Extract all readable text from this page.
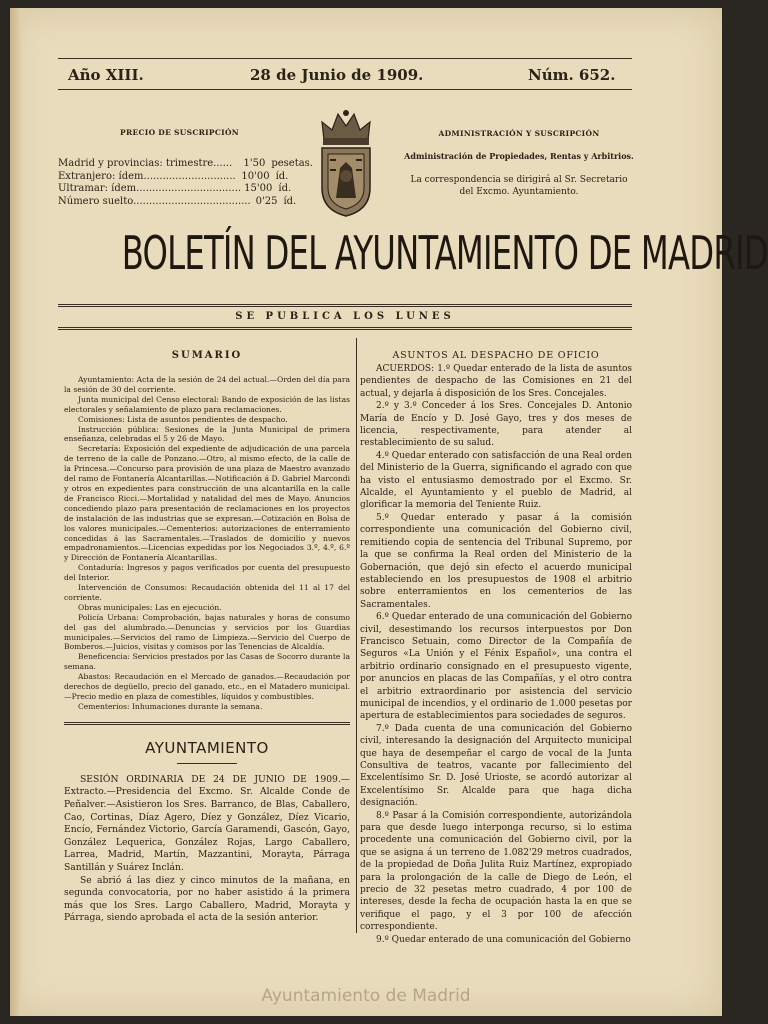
Año XIII.	28 de Junio de 1909.	Núm. 652.
PRECIO DE SUSCRIPCIÓN
Madrid y provincias: trimestre......	1'50 pesetas.
Extranjero: ídem............................. 10'00 íd.
Ultramar: ídem................................. 15'00 íd.
Número suelto..................................... 0'25 íd.
ADMINISTRACIÓN Y SUSCRIPCIÓN
Administración de Propiedades, Rentas y Arbitrios.
La correspondencia se dirigirá al Sr. Secretario
del Excmo. Ayuntamiento.
BOLETÍN DEL AYUNTAMIENTO DE MADRID
SE PUBLICA LOS LUNES
SUMARIO

Ayuntamiento: Acta de la sesión de 24 del actual.—Orden del día para la sesión de 30 del corriente.

Junta municipal del Censo electoral: Bando de exposición de las listas electorales y señalamiento de plazo para reclamaciones.

Comisiones: Lista de asuntos pendientes de despacho.

Instrucción pública: Sesiones de la Junta Municipal de primera enseñanza, celebradas el 5 y 26 de Mayo.

Secretaría: Exposición del expediente de adjudicación de una parcela de terreno de la calle de Ponzano.—Otro, al mismo efecto, de la calle de la Princesa.—Concurso para provisión de una plaza de Maestro avanzado del ramo de Fontanería Alcantarillas.—Notificación á D. Gabriel Marcondi y otros en expedientes para construcción de una alcantarilla en la calle de Francisco Ricci.—Mortalidad y natalidad del mes de Mayo. Anuncios concediendo plazo para presentación de reclamaciones en los proyectos de instalación de las industrias que se expresan.—Cotización en Bolsa de los valores municipales.—Cementerios: autorizaciones de enterramiento concedidas á las Sacramentales.—Traslados de domicilio y nuevos empadronamientos.—Licencias expedidas por los Negociados 3.º, 4.º, 6.º y Dirección de Fontanería Alcantarillas.

Contaduría: Ingresos y pagos verificados por cuenta del presupuesto del Interior.

Intervención de Consumos: Recaudación obtenida del 11 al 17 del corriente.

Obras municipales: Las en ejecución.

Policía Urbana: Comprobación, bajas naturales y horas de consumo del gas del alumbrado.—Denuncias y servicios por los Guardias municipales.—Servicios del ramo de Limpieza.—Servicio del Cuerpo de Bomberos.—Juicios, visitas y comisos por las Tenencias de Alcaldía.

Beneficencia: Servicios prestados por las Casas de Socorro durante la semana.

Abastos: Recaudación en el Mercado de ganados.—Recaudación por derechos de degüello, precio del ganado, etc., en el Matadero municipal.—Precio medio en plaza de comestibles, líquidos y combustibles.

Cementerios: Inhumaciones durante la semana.

AYUNTAMIENTO

SESIÓN ORDINARIA DE 24 DE JUNIO DE 1909.—Extracto.—Presidencia del Excmo. Sr. Alcalde Conde de Peñalver.—Asistieron los Sres. Barranco, de Blas, Caballero, Cao, Cortinas, Díaz Agero, Díez y González, Díez Vicario, Encío, Fernández Victorio, García Garamendi, Gascón, Gayo, González Lequerica, González Rojas, Largo Caballero, Larrea, Madrid, Martín, Mazzantini, Morayta, Párraga Santillán y Suárez Inclán.

Se abrió á las diez y cinco minutos de la mañana, en segunda convocatoria, por no haber asistido á la primera más que los Sres. Largo Caballero, Madrid, Morayta y Párraga, siendo aprobada el acta de la sesión anterior.

ASUNTOS AL DESPACHO DE OFICIO

ACUERDOS: 1.º Quedar enterado de la lista de asuntos pendientes de despacho de las Comisiones en 21 del actual, y dejarla á disposición de los Sres. Concejales.

2.º y 3.º Conceder á los Sres. Concejales D. Antonio María de Encío y D. José Gayo, tres y dos meses de licencia, respectivamente, para atender al restablecimiento de su salud.

4.º Quedar enterado con satisfacción de una Real orden del Ministerio de la Guerra, significando el agrado con que ha visto el entusiasmo demostrado por el Excmo. Sr. Alcalde, el Ayuntamiento y el pueblo de Madrid, al glorificar la memoria del Teniente Ruiz.

5.º Quedar enterado y pasar á la comisión correspondiente una comunicación del Gobierno civil, remitiendo copia de sentencia del Tribunal Supremo, por la que se confirma la Real orden del Ministerio de la Gobernación, que dejó sin efecto el acuerdo municipal estableciendo en los presupuestos de 1908 el arbitrio sobre enterramientos en los cementerios de las Sacramentales.

6.º Quedar enterado de una comunicación del Gobierno civil, desestimando los recursos interpuestos por Don Francisco Setuain, como Director de la Compañía de Seguros «La Unión y el Fénix Español», una contra el arbitrio ordinario consignado en el presupuesto vigente, por anuncios en placas de las Compañías, y el otro contra el arbitrio extraordinario por asistencia del servicio municipal de incendios, y el ordinario de 1.000 pesetas por apertura de establecimientos para sociedades de seguros.

7.º Dada cuenta de una comunicación del Gobierno civil, interesando la designación del Arquitecto municipal que haya de desempeñar el cargo de vocal de la Junta Consultiva de teatros, vacante por fallecimiento del Excelentísimo Sr. D. José Urioste, se acordó autorizar al Excelentísimo Sr. Alcalde para que haga dicha designación.

8.º Pasar á la Comisión correspondiente, autorizándola para que desde luego interponga recurso, si lo estima procedente una comunicación del Gobierno civil, por la que se asigna á un terreno de 1.082'29 metros cuadrados, de la propiedad de Doña Julita Ruiz Martínez, expropiado para la prolongación de la calle de Diego de León, el precio de 32 pesetas metro cuadrado, 4 por 100 de intereses, desde la fecha de ocupación hasta la en que se verifique el pago, y el 3 por 100 de afección correspondiente.

9.º Quedar enterado de una comunicación del Gobierno

Ayuntamiento de Madrid
